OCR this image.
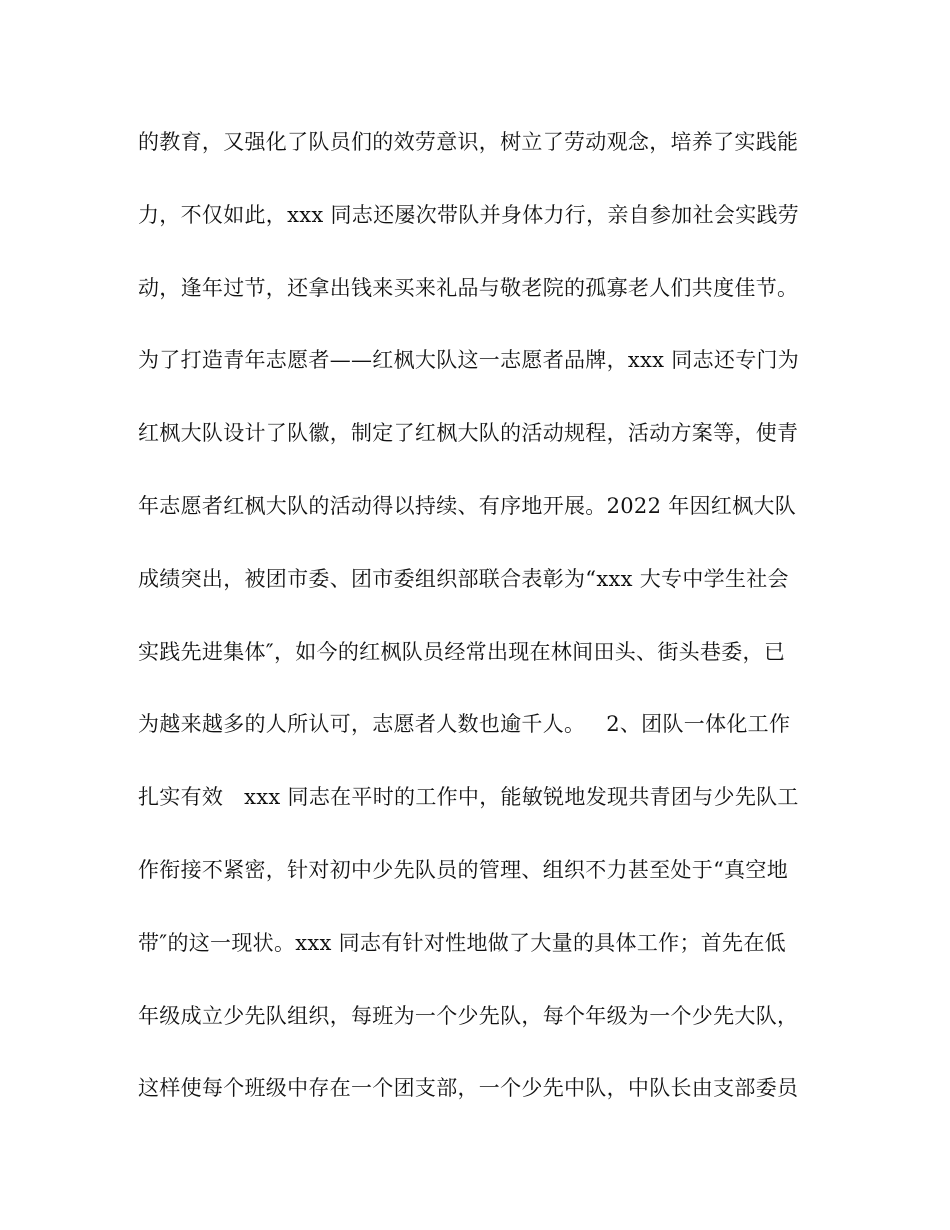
的教育，又强化了队员们的效劳意识，树立了劳动观念，培养了实践能
力，不仅如此，xxx 同志还屡次带队并身体力行，亲自参加社会实践劳
动，逢年过节，还拿出钱来买来礼品与敬老院的孤寡老人们共度佳节。
为了打造青年志愿者——红枫大队这一志愿者品牌，xxx 同志还专门为
红枫大队设计了队徽，制定了红枫大队的活动规程，活动方案等，使青
年志愿者红枫大队的活动得以持续、有序地开展。2022 年因红枫大队
成绩突出，被团市委、团市委组织部联合表彰为“xxx 大专中学生社会
实践先进集体″，如今的红枫队员经常出现在林间田头、街头巷委，已
为越来越多的人所认可，志愿者人数也逾千人。   2、团队一体化工作
扎实有效   xxx 同志在平时的工作中，能敏锐地发现共青团与少先队工
作衔接不紧密，针对初中少先队员的管理、组织不力甚至处于“真空地
带″的这一现状。xxx 同志有针对性地做了大量的具体工作；首先在低
年级成立少先队组织，每班为一个少先队，每个年级为一个少先大队，
这样使每个班级中存在一个团支部，一个少先中队，中队长由支部委员
